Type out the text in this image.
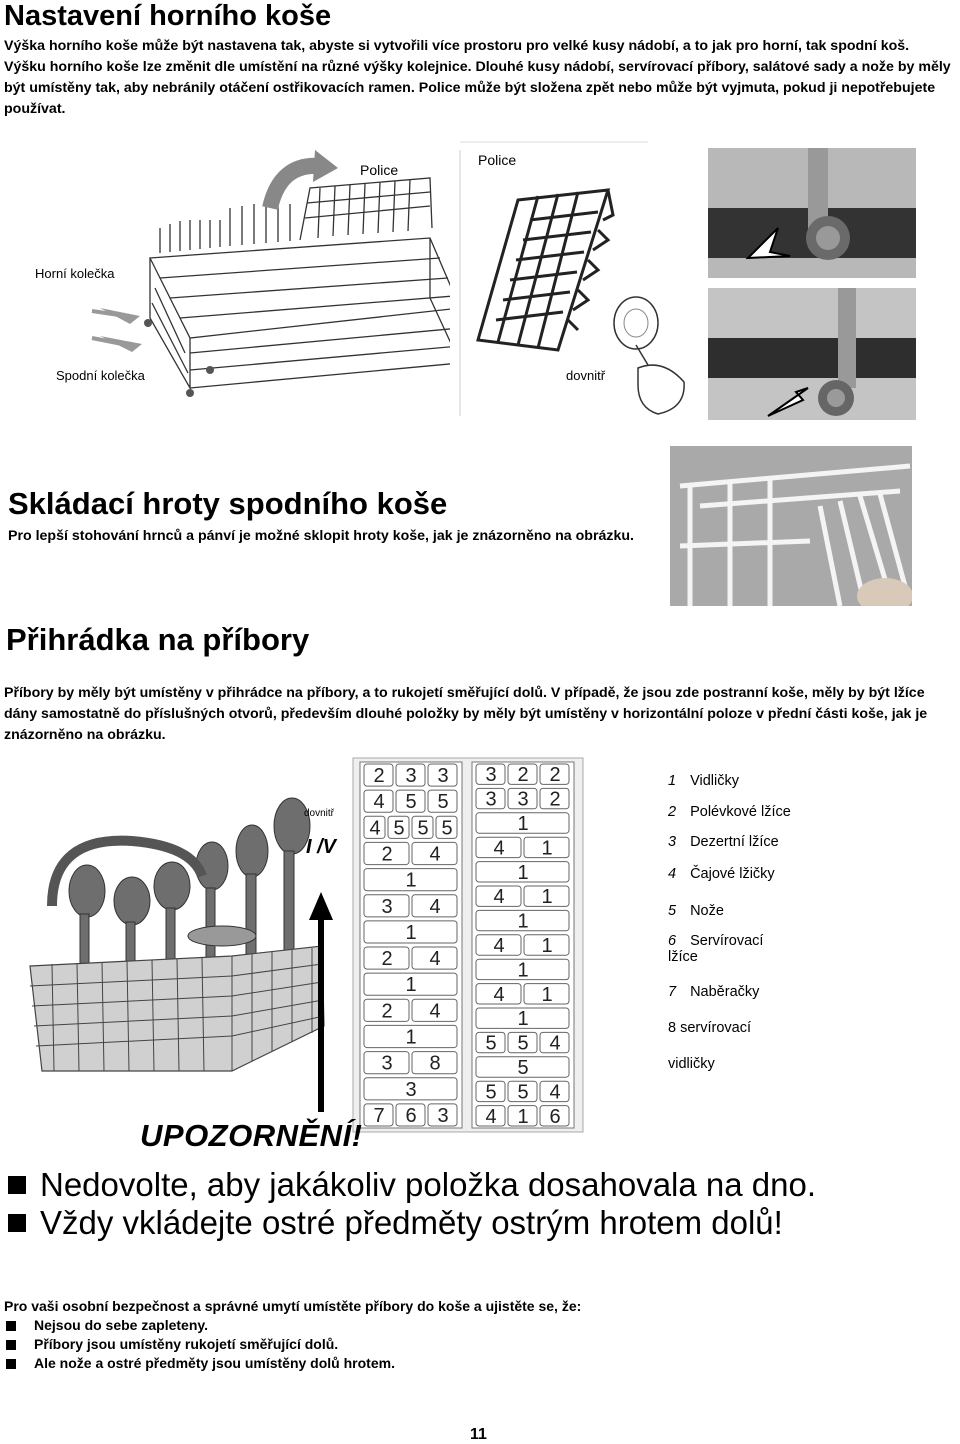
Nastavení horního koše
Výška horního koše může být nastavena tak, abyste si vytvořili více prostoru pro velké kusy nádobí, a to jak pro horní, tak spodní koš. Výšku horního koše lze změnit dle umístění na různé výšky kolejnice. Dlouhé kusy nádobí, servírovací příbory, salátové sady a nože by měly být umístěny tak, aby nebránily otáčení ostřikovacích ramen. Police může být složena zpět nebo může být vyjmuta, pokud ji nepotřebujete používat.
Police
Horní kolečka
Spodní kolečka
Police
dovnitř
Skládací hroty spodního koše
Pro lepší stohování hrnců a pánví je možné sklopit hroty koše, jak je znázorněno na obrázku.
Přihrádka na příbory
Příbory by měly být umístěny v přihrádce na příbory, a to rukojetí směřující dolů. V případě, že jsou zde postranní koše, měly by být lžíce dány samostatně do příslušných otvorů, především dlouhé položky by měly být umístěny v horizontální poloze v přední části koše, jak je znázorněno na obrázku.
dovnitř
I /V
2 3 3
4 5 5
4 5 5 5
2 4
1
3 4
1
2 4
1
2 4
1
3 8
3
7 6 3
3 2 2
3 3 2
1
4 1
1
4 1
1
4 1
1
4 1
1
5 5 4
5
5 5 4
4 1 6
1 Vidličky
2 Polévkové lžíce
3 Dezertní lžíce
4 Čajové lžičky
5 Nože
6 Servírovací
lžíce
7 Naběračky
8 servírovací
vidličky
UPOZORNĚNÍ!
Nedovolte, aby jakákoliv položka dosahovala na dno.
Vždy vkládejte ostré předměty ostrým hrotem dolů!
Pro vaši osobní bezpečnost a správné umytí umístěte příbory do koše a ujistěte se, že:
Nejsou do sebe zapleteny.
Příbory jsou umístěny rukojetí směřující dolů.
Ale nože a ostré předměty jsou umístěny dolů hrotem.
11
